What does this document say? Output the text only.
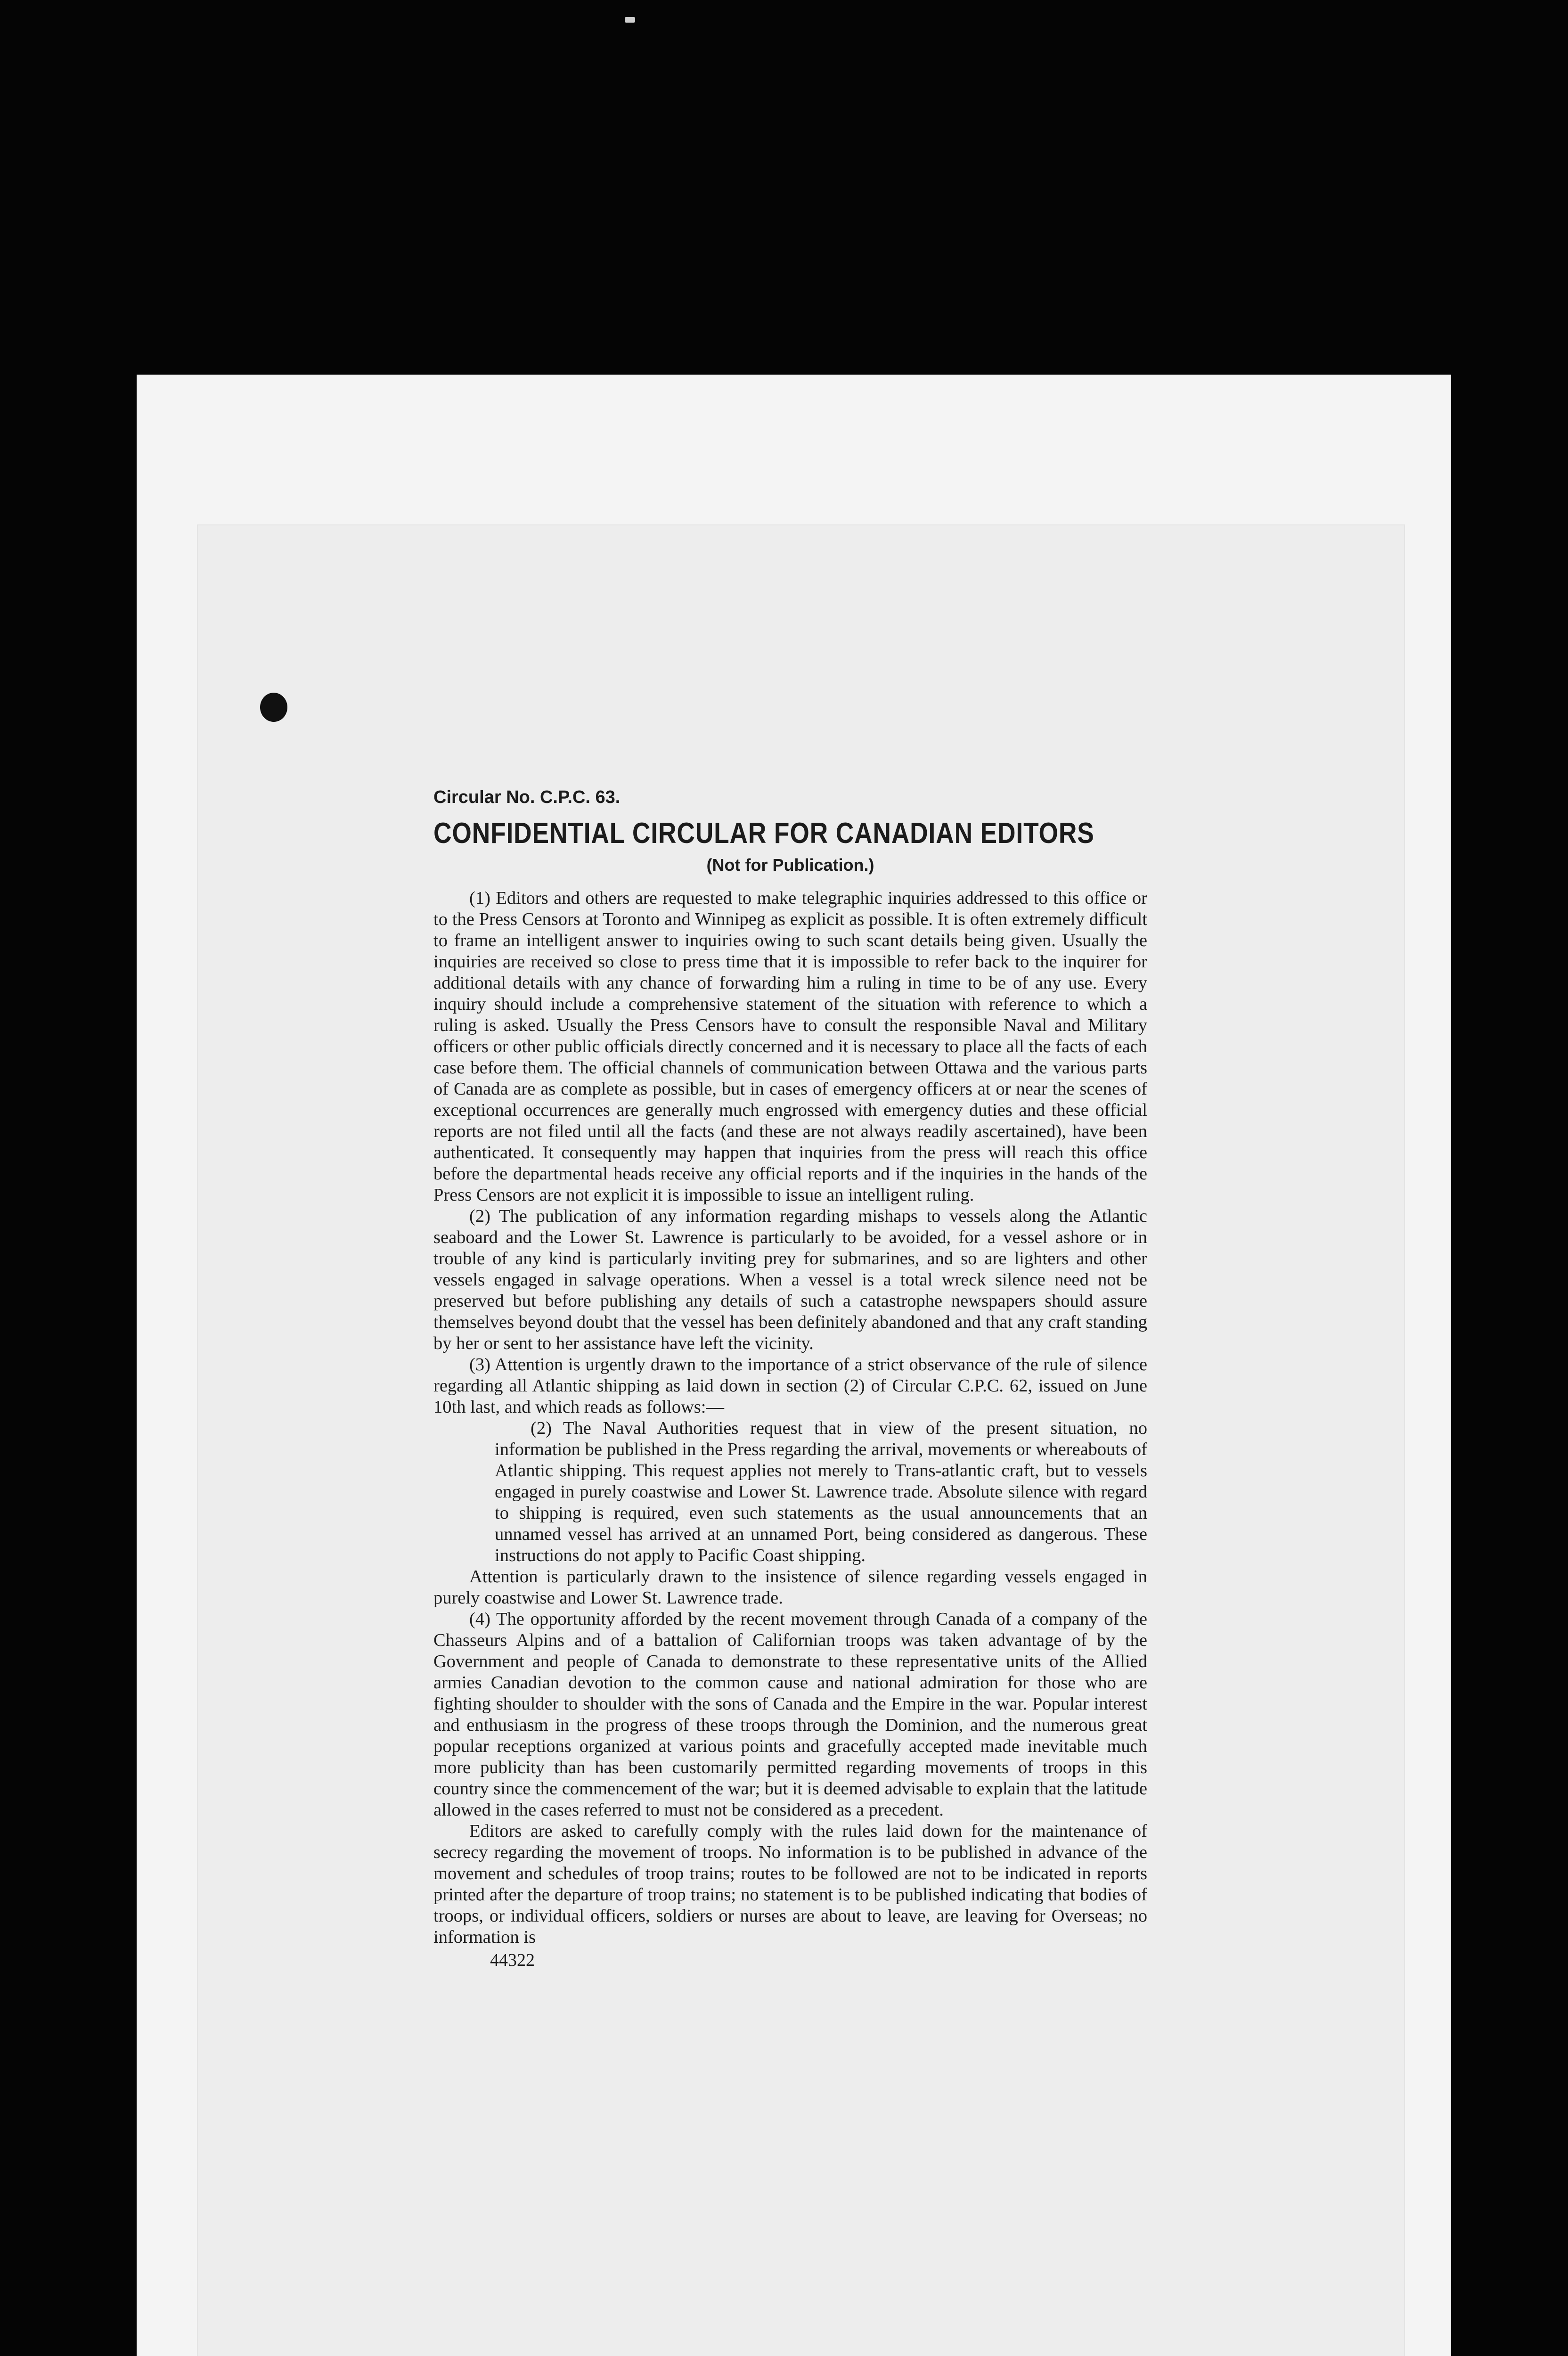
Circular No. C.P.C. 63.
CONFIDENTIAL CIRCULAR FOR CANADIAN EDITORS
(Not for Publication.)

(1) Editors and others are requested to make telegraphic inquiries addressed to this office or to the Press Censors at Toronto and Winnipeg as explicit as possible. It is often extremely difficult to frame an intelligent answer to inquiries owing to such scant details being given. Usually the inquiries are received so close to press time that it is impossible to refer back to the inquirer for additional details with any chance of forwarding him a ruling in time to be of any use. Every inquiry should include a comprehensive statement of the situation with reference to which a ruling is asked. Usually the Press Censors have to consult the responsible Naval and Military officers or other public officials directly concerned and it is necessary to place all the facts of each case before them. The official channels of communication between Ottawa and the various parts of Canada are as complete as possible, but in cases of emergency officers at or near the scenes of exceptional occurrences are generally much engrossed with emergency duties and these official reports are not filed until all the facts (and these are not always readily ascertained), have been authenticated. It consequently may happen that inquiries from the press will reach this office before the departmental heads receive any official reports and if the inquiries in the hands of the Press Censors are not explicit it is impossible to issue an intelligent ruling.

(2) The publication of any information regarding mishaps to vessels along the Atlantic seaboard and the Lower St. Lawrence is particularly to be avoided, for a vessel ashore or in trouble of any kind is particularly inviting prey for submarines, and so are lighters and other vessels engaged in salvage operations. When a vessel is a total wreck silence need not be preserved but before publishing any details of such a catastrophe newspapers should assure themselves beyond doubt that the vessel has been definitely abandoned and that any craft standing by her or sent to her assistance have left the vicinity.

(3) Attention is urgently drawn to the importance of a strict observance of the rule of silence regarding all Atlantic shipping as laid down in section (2) of Circular C.P.C. 62, issued on June 10th last, and which reads as follows:—

(2) The Naval Authorities request that in view of the present situation, no information be published in the Press regarding the arrival, movements or whereabouts of Atlantic shipping. This request applies not merely to Trans-atlantic craft, but to vessels engaged in purely coastwise and Lower St. Lawrence trade. Absolute silence with regard to shipping is required, even such statements as the usual announcements that an unnamed vessel has arrived at an unnamed Port, being considered as dangerous. These instructions do not apply to Pacific Coast shipping.

Attention is particularly drawn to the insistence of silence regarding vessels engaged in purely coastwise and Lower St. Lawrence trade.

(4) The opportunity afforded by the recent movement through Canada of a company of the Chasseurs Alpins and of a battalion of Californian troops was taken advantage of by the Government and people of Canada to demonstrate to these representative units of the Allied armies Canadian devotion to the common cause and national admiration for those who are fighting shoulder to shoulder with the sons of Canada and the Empire in the war. Popular interest and enthusiasm in the progress of these troops through the Dominion, and the numerous great popular receptions organized at various points and gracefully accepted made inevitable much more publicity than has been customarily permitted regarding movements of troops in this country since the commencement of the war; but it is deemed advisable to explain that the latitude allowed in the cases referred to must not be considered as a precedent.

Editors are asked to carefully comply with the rules laid down for the maintenance of secrecy regarding the movement of troops. No information is to be published in advance of the movement and schedules of troop trains; routes to be followed are not to be indicated in reports printed after the departure of troop trains; no statement is to be published indicating that bodies of troops, or individual officers, soldiers or nurses are about to leave, are leaving for Overseas; no information is

44322
